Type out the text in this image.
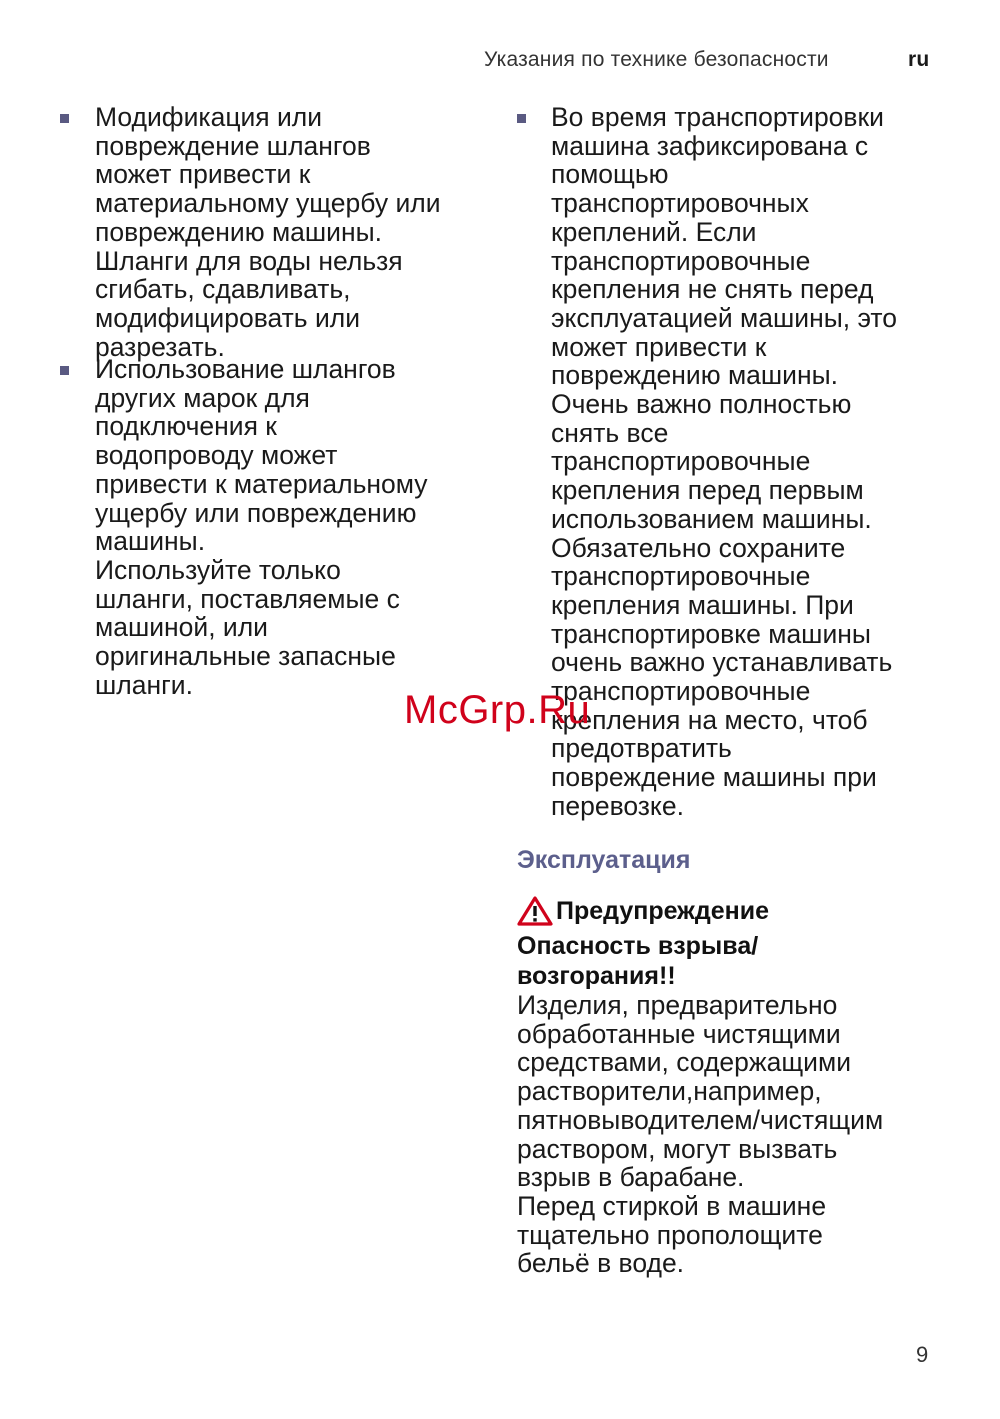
Указания по технике безопасности	ru
Модификация или
повреждение шлангов
может привести к
материальному ущербу или
повреждению машины.
Шланги для воды нельзя
сгибать, сдавливать,
модифицировать или
разрезать.
Использование шлангов
других марок для
подключения к
водопроводу может
привести к материальному
ущербу или повреждению
машины.
Используйте только
шланги, поставляемые с
машиной, или
оригинальные запасные
шланги.
Во время транспортировки
машина зафиксирована с
помощью
транспортировочных
креплений. Если
транспортировочные
крепления не снять перед
эксплуатацией машины, это
может привести к
повреждению машины.
Очень важно полностью
снять все
транспортировочные
крепления перед первым
использованием машины.
Обязательно сохраните
транспортировочные
крепления машины. При
транспортировке машины
очень важно устанавливать
транспортировочные
крепления на место, чтоб
предотвратить
повреждение машины при
перевозке.
Эксплуатация
Предупреждение
Опасность взрыва/
возгорания!!
Изделия, предварительно
обработанные чистящими
средствами, содержащими
растворители,например,
пятновыводителем/чистящим
раствором, могут вызвать
взрыв в барабане.
Перед стиркой в машине
тщательно прополощите
бельё в воде.
McGrp.Ru
9
